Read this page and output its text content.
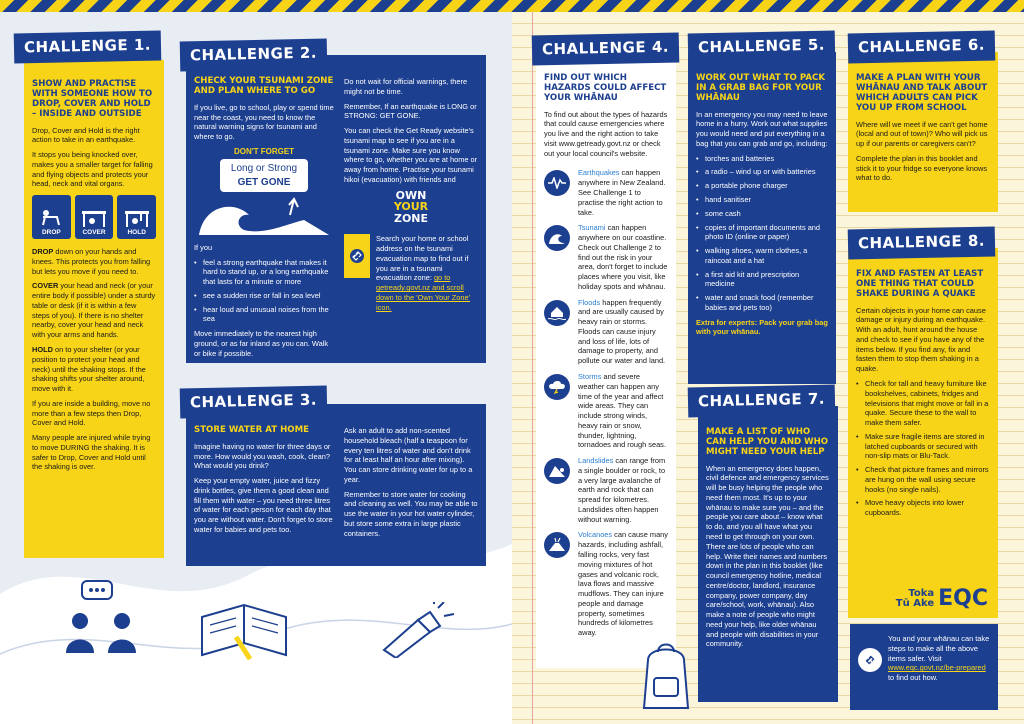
CHALLENGE 1.
SHOW AND PRACTISE WITH SOMEONE HOW TO DROP, COVER AND HOLD – INSIDE AND OUTSIDE

Drop, Cover and Hold is the right action to take in an earthquake.

It stops you being knocked over, makes you a smaller target for falling and flying objects and protects your head, neck and vital organs.

DROP	COVER	HOLD

DROP down on your hands and knees. This protects you from falling but lets you move if you need to.

COVER your head and neck (or your entire body if possible) under a sturdy table or desk (if it is within a few steps of you). If there is no shelter nearby, cover your head and neck with your arms and hands.

HOLD on to your shelter (or your position to protect your head and neck) until the shaking stops. If the shaking shifts your shelter around, move with it.

If you are inside a building, move no more than a few steps then Drop, Cover and Hold.

Many people are injured while trying to move DURING the shaking. It is safer to Drop, Cover and Hold until the shaking is over.

CHALLENGE 2.
CHECK YOUR TSUNAMI ZONE AND PLAN WHERE TO GO

If you live, go to school, play or spend time near the coast, you need to know the natural warning signs for tsunami and where to go.

DON'T FORGET
Long or Strong
GET GONE

If you

• feel a strong earthquake that makes it hard to stand up, or a long earthquake that lasts for a minute or more
• see a sudden rise or fall in sea level
• hear loud and unusual noises from the sea

Move immediately to the nearest high ground, or as far inland as you can. Walk or bike if possible.

Do not wait for official warnings, there might not be time.

Remember, If an earthquake is LONG or STRONG: GET GONE.

You can check the Get Ready website's tsunami map to see if you are in a tsunami zone. Make sure you know where to go, whether you are at home or away from home. Practise your tsunami hikoi (evacuation) with friends and

OWN
YOUR
ZONE

Search your home or school address on the tsunami evacuation map to find out if you are in a tsunami evacuation zone: go to getready.govt.nz and scroll down to the 'Own Your Zone' icon.

CHALLENGE 3.
STORE WATER AT HOME

Imagine having no water for three days or more. How would you wash, cook, clean? What would you drink?

Keep your empty water, juice and fizzy drink bottles, give them a good clean and fill them with water – you need three litres of water for each person for each day that you are without water. Don't forget to store water for babies and pets too.

Ask an adult to add non-scented household bleach (half a teaspoon for every ten litres of water and don't drink for at least half an hour after mixing). You can store drinking water for up to a year.

Remember to store water for cooking and cleaning as well. You may be able to use the water in your hot water cylinder, but store some extra in large plastic containers.

CHALLENGE 4.
FIND OUT WHICH HAZARDS COULD AFFECT YOUR WHĀNAU

To find out about the types of hazards that could cause emergencies where you live and the right action to take visit www.getready.govt.nz or check out your local council's website.

Earthquakes can happen anywhere in New Zealand. See Challenge 1 to practise the right action to take.
Tsunami can happen anywhere on our coastline. Check out Challenge 2 to find out the risk in your area, don't forget to include places where you visit, like holiday spots and whānau.
Floods happen frequently and are usually caused by heavy rain or storms. Floods can cause injury and loss of life, lots of damage to property, and pollute our water and land.
Storms and severe weather can happen any time of the year and affect wide areas. They can include strong winds, heavy rain or snow, thunder, lightning, tornadoes and rough seas.
Landslides can range from a single boulder or rock, to a very large avalanche of earth and rock that can spread for kilometres. Landslides often happen without warning.
Volcanoes can cause many hazards, including ashfall, falling rocks, very fast moving mixtures of hot gases and volcanic rock, lava flows and massive mudflows. They can injure people and damage property, sometimes hundreds of kilometres away.
CHALLENGE 5.
WORK OUT WHAT TO PACK IN A GRAB BAG FOR YOUR WHĀNAU

In an emergency you may need to leave home in a hurry. Work out what supplies you would need and put everything in a bag that you can grab and go, including:

• torches and batteries
• a radio – wind up or with batteries
• a portable phone charger
• hand sanitiser
• some cash
• copies of important documents and photo ID (online or paper)
• walking shoes, warm clothes, a raincoat and a hat
• a first aid kit and prescription medicine
• water and snack food (remember babies and pets too)

Extra for experts: Pack your grab bag with your whānau.

CHALLENGE 6.
MAKE A PLAN WITH YOUR WHĀNAU AND TALK ABOUT WHICH ADULTS CAN PICK YOU UP FROM SCHOOL

Where will we meet if we can't get home (local and out of town)? Who will pick us up if our parents or caregivers can't?

Complete the plan in this booklet and stick it to your fridge so everyone knows what to do.

CHALLENGE 7.
MAKE A LIST OF WHO CAN HELP YOU AND WHO MIGHT NEED YOUR HELP

When an emergency does happen, civil defence and emergency services will be busy helping the people who need them most. It's up to your whānau to make sure you – and the people you care about – know what to do, and you all have what you need to get through on your own. There are lots of people who can help. Write their names and numbers down in the plan in this booklet (like council emergency hotline, medical centre/doctor, landlord, insurance company, power company, day care/school, work, whānau). Also make a note of people who might need your help, like older whānau and people with disabilities in your community.

CHALLENGE 8.
FIX AND FASTEN AT LEAST ONE THING THAT COULD SHAKE DURING A QUAKE

Certain objects in your home can cause damage or injury during an earthquake. With an adult, hunt around the house and check to see if you have any of the items below. If you find any, fix and fasten them to stop them shaking in a quake.

• Check for tall and heavy furniture like bookshelves, cabinets, fridges and televisions that might move or fall in a quake. Secure these to the wall to make them safer.
• Make sure fragile items are stored in latched cupboards or secured with non-slip mats or Blu-Tack.
• Check that picture frames and mirrors are hung on the wall using secure hooks (no single nails).
• Move heavy objects into lower cupboards.
Toka
Tū Ake EQC

You and your whānau can take steps to make all the above items safer. Visit www.eqc.govt.nz/be-prepared to find out how.
